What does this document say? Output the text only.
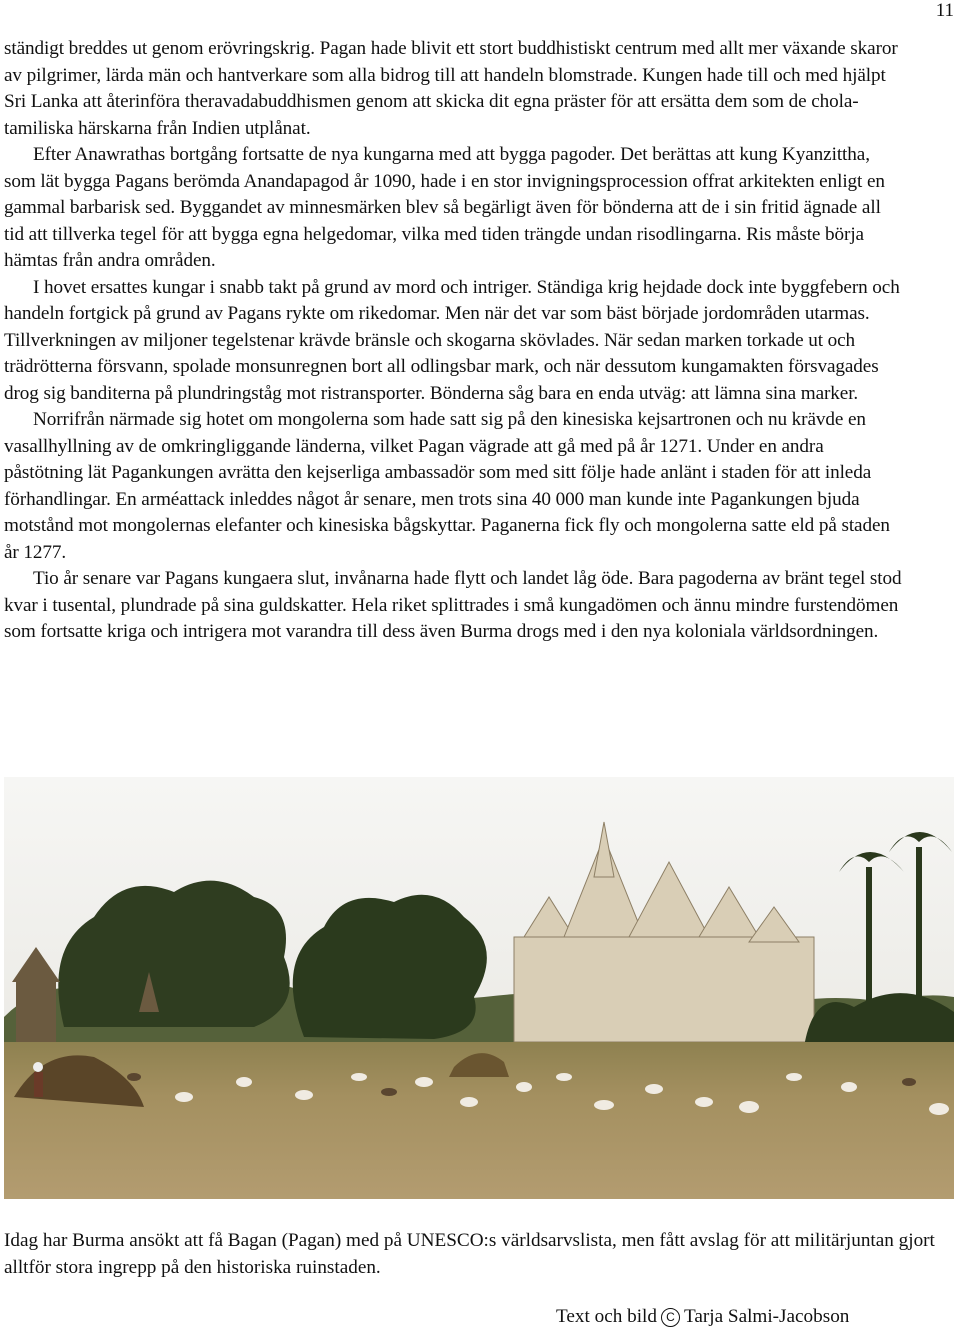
11

ständigt breddes ut genom erövringskrig. Pagan hade blivit ett stort buddhistiskt centrum med allt mer växande skaror av pilgrimer, lärda män och hantverkare som alla bidrog till att handeln blomstrade. Kungen hade till och med hjälpt Sri Lanka att återinföra theravadabuddhismen genom att skicka dit egna präster för att ersätta dem som de chola-tamiliska härskarna från Indien utplånat.

Efter Anawrathas bortgång fortsatte de nya kungarna med att bygga pagoder. Det berättas att kung Kyanzittha, som lät bygga Pagans berömda Anandapagod år 1090, hade i en stor invigningsprocession offrat arkitekten enligt en gammal barbarisk sed. Byggandet av minnesmärken blev så begärligt även för bönderna att de i sin fritid ägnade all tid att tillverka tegel för att bygga egna helgedomar, vilka med tiden trängde undan risodlingarna. Ris måste börja hämtas från andra områden.

I hovet ersattes kungar i snabb takt på grund av mord och intriger. Ständiga krig hejdade dock inte byggfebern och handeln fortgick på grund av Pagans rykte om rikedomar. Men när det var som bäst började jordområden utarmas. Tillverkningen av miljoner tegelstenar krävde bränsle och skogarna skövlades. När sedan marken torkade ut och trädrötterna försvann, spolade monsunregnen bort all odlingsbar mark, och när dessutom kungamakten försvagades drog sig banditerna på plundringståg mot ristransporter. Bönderna såg bara en enda utväg: att lämna sina marker.

Norrifrån närmade sig hotet om mongolerna som hade satt sig på den kinesiska kejsartronen och nu krävde en vasallhyllning av de omkringliggande länderna, vilket Pagan vägrade att gå med på år 1271. Under en andra påstötning lät Pagankungen avrätta den kejserliga ambassadör som med sitt följe hade anlänt i staden för att inleda förhandlingar. En arméattack inleddes något år senare, men trots sina 40 000 man kunde inte Pagankungen bjuda motstånd mot mongolernas elefanter och kinesiska bågskyttar. Paganerna fick fly och mongolerna satte eld på staden år 1277.

Tio år senare var Pagans kungaera slut, invånarna hade flytt och landet låg öde. Bara pagoderna av bränt tegel stod kvar i tusental, plundrade på sina guldskatter. Hela riket splittrades i små kungadömen och ännu mindre furstendömen som fortsatte kriga och intrigera mot varandra till dess även Burma drogs med i den nya koloniala världsordningen.

Idag har Burma ansökt att få Bagan (Pagan) med på UNESCO:s världsarvslista, men fått avslag för att militärjuntan gjort alltför stora ingrepp på den historiska ruinstaden.

Text och bild C Tarja Salmi-Jacobson
